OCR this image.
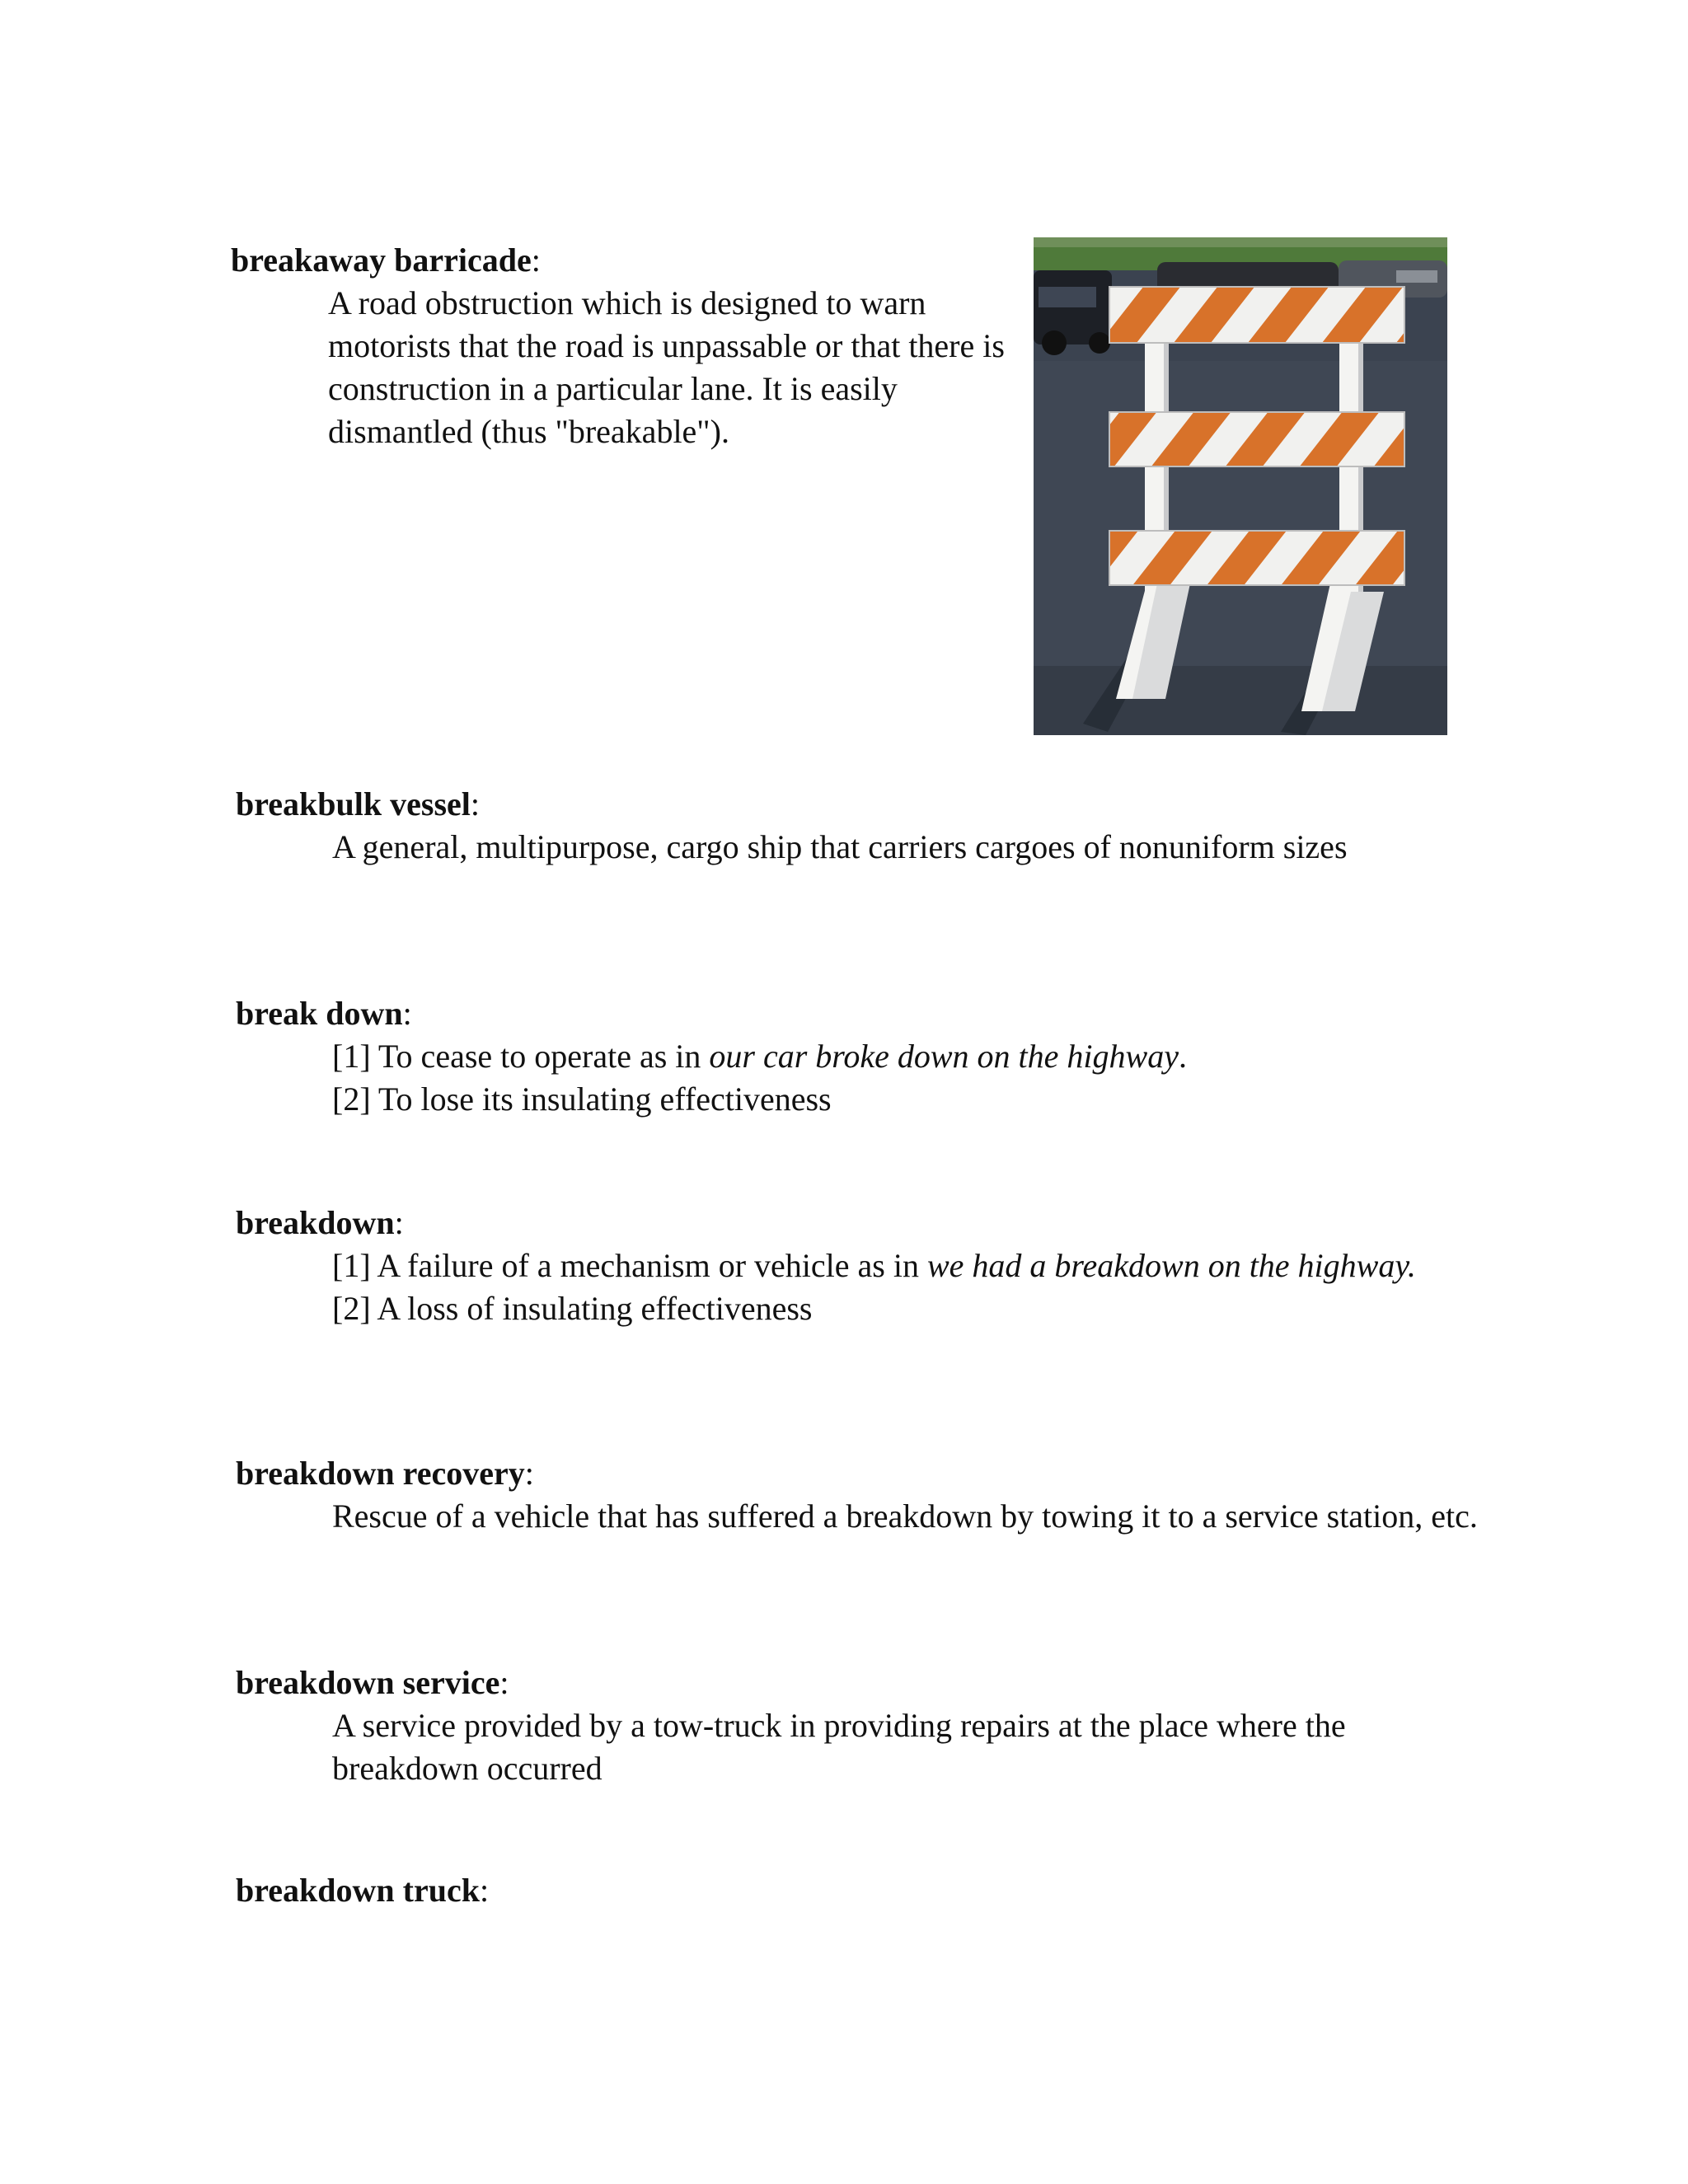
breakaway barricade:

A road obstruction which is designed to warn motorists that the road is unpassable or that there is construction in a particular lane. It is easily dismantled (thus "breakable").

breakbulk vessel:

A general, multipurpose, cargo ship that carriers cargoes of nonuniform sizes

break down:

[1] To cease to operate as in our car broke down on the highway.

[2] To lose its insulating effectiveness

breakdown:

[1] A failure of a mechanism or vehicle as in we had a breakdown on the highway.

[2] A loss of insulating effectiveness

breakdown recovery:

Rescue of a vehicle that has suffered a breakdown by towing it to a service station, etc.

breakdown service:

A service provided by a tow-truck in providing repairs at the place where the breakdown occurred

breakdown truck:
